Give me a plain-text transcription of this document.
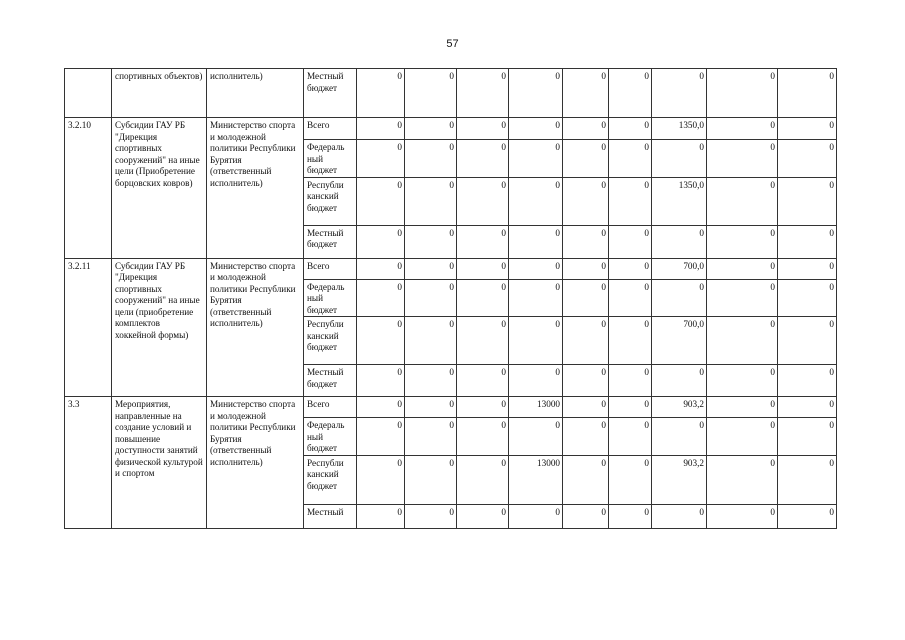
57
	спортивных объектов)	исполнитель)	Местный бюджет	0	0	0	0	0	0	0	0	0
3.2.10	Субсидии ГАУ РБ "Дирекция спортивных сооружений" на иные цели (Приобретение борцовских ковров)	Министерство спорта и молодежной политики Республики Бурятия (ответственный исполнитель)	Всего	0	0	0	0	0	0	1350,0	0	0
			Федераль ный бюджет	0	0	0	0	0	0	0	0	0
			Республи канский бюджет	0	0	0	0	0	0	1350,0	0	0
			Местный бюджет	0	0	0	0	0	0	0	0	0
3.2.11	Субсидии ГАУ РБ "Дирекция спортивных сооружений" на иные цели (приобретение комплектов хоккейной формы)	Министерство спорта и молодежной политики Республики Бурятия (ответственный исполнитель)	Всего	0	0	0	0	0	0	700,0	0	0
			Федераль ный бюджет	0	0	0	0	0	0	0	0	0
			Республи канский бюджет	0	0	0	0	0	0	700,0	0	0
			Местный бюджет	0	0	0	0	0	0	0	0	0
3.3	Мероприятия, направленные на создание условий и повышение доступности занятий физической культурой и спортом	Министерство спорта и молодежной политики Республики Бурятия (ответственный исполнитель)	Всего	0	0	0	13000	0	0	903,2	0	0
			Федераль ный бюджет	0	0	0	0	0	0	0	0	0
			Республи канский бюджет	0	0	0	13000	0	0	903,2	0	0
			Местный	0	0	0	0	0	0	0	0	0
